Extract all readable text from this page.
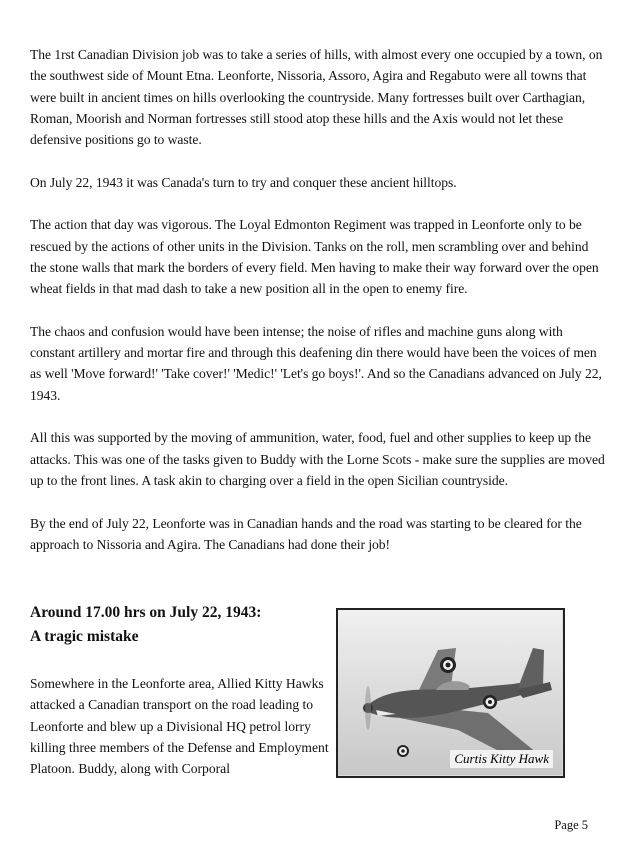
The 1rst Canadian Division job was to take a series of hills, with almost every one occupied by a town, on the southwest side of Mount Etna. Leonforte, Nissoria, Assoro, Agira and Regabuto were all towns that were built in ancient times on hills overlooking the countryside. Many fortresses built over Carthagian, Roman, Moorish and Norman fortresses still stood atop these hills and the Axis would not let these defensive positions go to waste.

On July 22, 1943 it was Canada's turn to try and conquer these ancient hilltops.

The action that day was vigorous. The Loyal Edmonton Regiment was trapped in Leonforte only to be rescued by the actions of other units in the Division. Tanks on the roll, men scrambling over and behind the stone walls that mark the borders of every field. Men having to make their way forward over the open wheat fields in that mad dash to take a new position all in the open to enemy fire.

The chaos and confusion would have been intense; the noise of rifles and machine guns along with constant artillery and mortar fire and through this deafening din there would have been the voices of men as well 'Move forward!' 'Take cover!' 'Medic!' 'Let's go boys!'. And so the Canadians advanced on July 22, 1943.

All this was supported by the moving of ammunition, water, food, fuel and other supplies to keep up the attacks. This was one of the tasks given to Buddy with the Lorne Scots - make sure the supplies are moved up to the front lines. A task akin to charging over a field in the open Sicilian countryside.

By the end of July 22, Leonforte was in Canadian hands and the road was starting to be cleared for the approach to Nissoria and Agira. The Canadians had done their job!

Around 17.00 hrs on July 22, 1943:
A tragic mistake
Somewhere in the Leonforte area, Allied Kitty Hawks attacked a Canadian transport on the road leading to Leonforte and blew up a Divisional HQ petrol lorry killing three members of the Defense and Employment Platoon. Buddy, along with Corporal
Curtis Kitty Hawk
Page 5
